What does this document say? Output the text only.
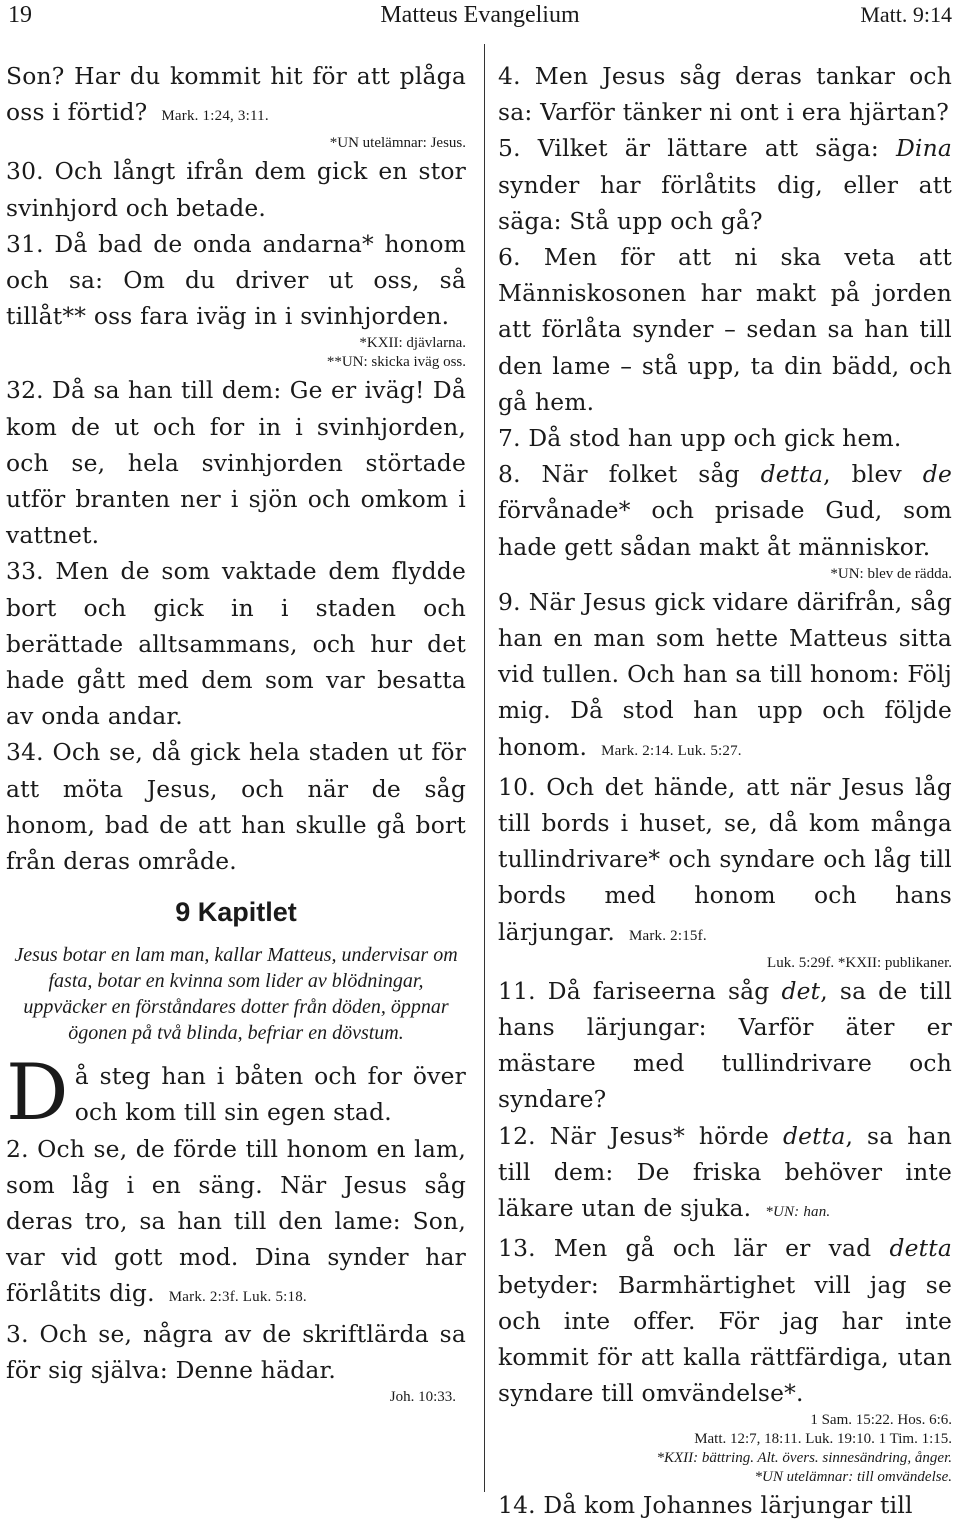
19	Matteus Evangelium	Matt. 9:14

Son? Har du kommit hit för att plåga oss i förtid? Mark. 1:24, 3:11.

*UN utelämnar: Jesus.

30. Och långt ifrån dem gick en stor svinhjord och betade.

31. Då bad de onda andarna* honom och sa: Om du driver ut oss, så tillåt** oss fara iväg in i svinhjorden.

*KXII: djävlarna.

**UN: skicka iväg oss.

32. Då sa han till dem: Ge er iväg! Då kom de ut och for in i svinhjorden, och se, hela svinhjorden störtade utför branten ner i sjön och omkom i vattnet.

33. Men de som vaktade dem flydde bort och gick in i staden och berättade alltsammans, och hur det hade gått med dem som var besatta av onda andar.

34. Och se, då gick hela staden ut för att möta Jesus, och när de såg honom, bad de att han skulle gå bort från deras område.

9 Kapitlet

Jesus botar en lam man, kallar Matteus, undervisar om fasta, botar en kvinna som lider av blödningar, uppväcker en förståndares dotter från döden, öppnar ögonen på två blinda, befriar en dövstum.

Då steg han i båten och for över och kom till sin egen stad.

2. Och se, de förde till honom en lam, som låg i en säng. När Jesus såg deras tro, sa han till den lame: Son, var vid gott mod. Dina synder har förlåtits dig. Mark. 2:3f. Luk. 5:18.

3. Och se, några av de skriftlärda sa för sig själva: Denne hädar.

Joh. 10:33.

4. Men Jesus såg deras tankar och sa: Varför tänker ni ont i era hjärtan?

5. Vilket är lättare att säga: Dina synder har förlåtits dig, eller att säga: Stå upp och gå?

6. Men för att ni ska veta att Människosonen har makt på jorden att förlåta synder – sedan sa han till den lame – stå upp, ta din bädd, och gå hem.

7. Då stod han upp och gick hem.

8. När folket såg detta, blev de förvånade* och prisade Gud, som hade gett sådan makt åt människor.

*UN: blev de rädda.

9. När Jesus gick vidare därifrån, såg han en man som hette Matteus sitta vid tullen. Och han sa till honom: Följ mig. Då stod han upp och följde honom. Mark. 2:14. Luk. 5:27.

10. Och det hände, att när Jesus låg till bords i huset, se, då kom många tullindrivare* och syndare och låg till bords med honom och hans lärjungar. Mark. 2:15f.

Luk. 5:29f. *KXII: publikaner.

11. Då fariseerna såg det, sa de till hans lärjungar: Varför äter er mästare med tullindrivare och syndare?

12. När Jesus* hörde detta, sa han till dem: De friska behöver inte läkare utan de sjuka. *UN: han.

13. Men gå och lär er vad detta betyder: Barmhärtighet vill jag se och inte offer. För jag har inte kommit för att kalla rättfärdiga, utan syndare till omvändelse*.

1 Sam. 15:22. Hos. 6:6.

Matt. 12:7, 18:11. Luk. 19:10. 1 Tim. 1:15.

*KXII: bättring. Alt. övers. sinnesändring, ånger.

*UN utelämnar: till omvändelse.

14. Då kom Johannes lärjungar till
